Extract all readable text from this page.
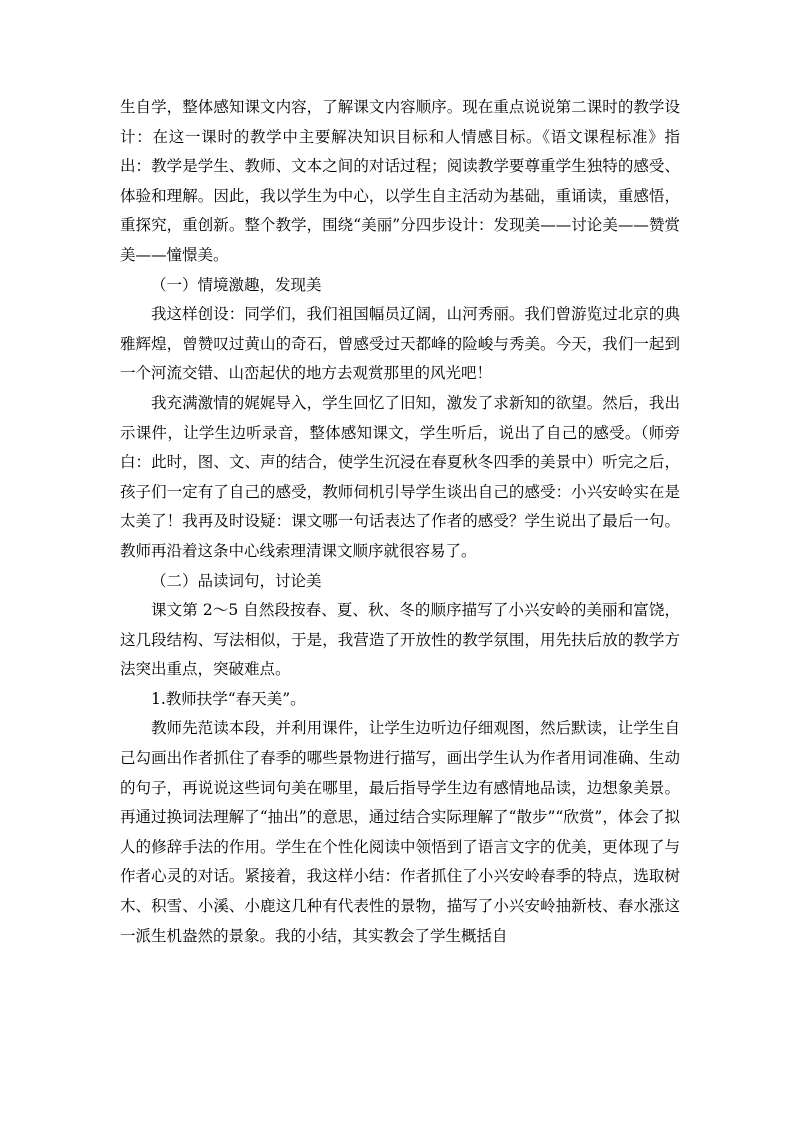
生自学，整体感知课文内容，了解课文内容顺序。现在重点说说第二课时的教学设计：在这一课时的教学中主要解决知识目标和人情感目标。《语文课程标准》指出：教学是学生、教师、文本之间的对话过程；阅读教学要尊重学生独特的感受、体验和理解。因此，我以学生为中心，以学生自主活动为基础，重诵读，重感悟，重探究，重创新。整个教学，围绕“美丽”分四步设计：发现美——讨论美——赞赏美——憧憬美。

（一）情境激趣，发现美

我这样创设：同学们，我们祖国幅员辽阔，山河秀丽。我们曾游览过北京的典雅辉煌，曾赞叹过黄山的奇石，曾感受过天都峰的险峻与秀美。今天，我们一起到一个河流交错、山峦起伏的地方去观赏那里的风光吧！

我充满激情的娓娓导入，学生回忆了旧知，激发了求新知的欲望。然后，我出示课件，让学生边听录音，整体感知课文，学生听后，说出了自己的感受。（师旁白：此时，图、文、声的结合，使学生沉浸在春夏秋冬四季的美景中）听完之后，孩子们一定有了自己的感受，教师伺机引导学生谈出自己的感受：小兴安岭实在是太美了！我再及时设疑：课文哪一句话表达了作者的感受？学生说出了最后一句。教师再沿着这条中心线索理清课文顺序就很容易了。

（二）品读词句，讨论美

课文第 2～5 自然段按春、夏、秋、冬的顺序描写了小兴安岭的美丽和富饶，这几段结构、写法相似，于是，我营造了开放性的教学氛围，用先扶后放的教学方法突出重点，突破难点。

1.教师扶学“春天美”。

教师先范读本段，并利用课件，让学生边听边仔细观图，然后默读，让学生自己勾画出作者抓住了春季的哪些景物进行描写，画出学生认为作者用词准确、生动的句子，再说说这些词句美在哪里，最后指导学生边有感情地品读，边想象美景。再通过换词法理解了“抽出”的意思，通过结合实际理解了“散步”“欣赏”，体会了拟人的修辞手法的作用。学生在个性化阅读中领悟到了语言文字的优美，更体现了与作者心灵的对话。紧接着，我这样小结：作者抓住了小兴安岭春季的特点，选取树木、积雪、小溪、小鹿这几种有代表性的景物，描写了小兴安岭抽新枝、春水涨这一派生机盎然的景象。我的小结，其实教会了学生概括自
